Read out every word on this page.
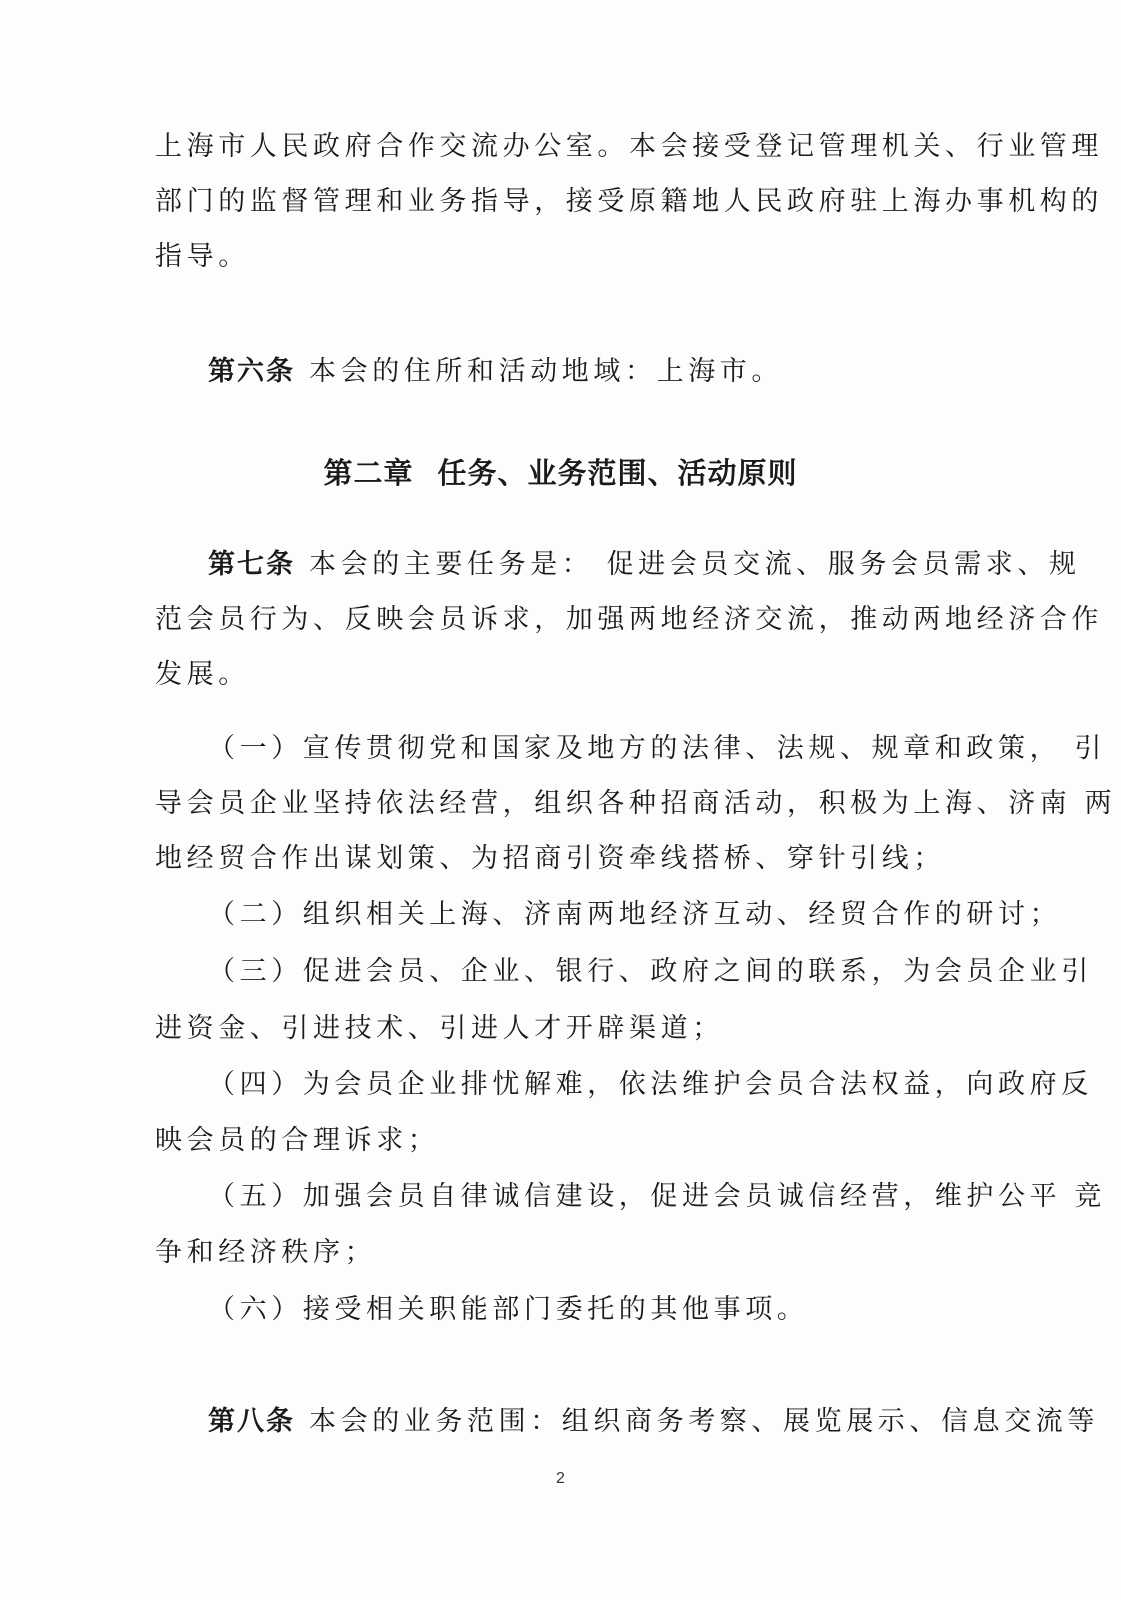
上海市人民政府合作交流办公室。本会接受登记管理机关、行业管理
部门的监督管理和业务指导，接受原籍地人民政府驻上海办事机构的
指导。
第六条 本会的住所和活动地域：上海市。
第二章 任务、业务范围、活动原则
第七条 本会的主要任务是： 促进会员交流、服务会员需求、规
范会员行为、反映会员诉求，加强两地经济交流，推动两地经济合作
发展。
（一）宣传贯彻党和国家及地方的法律、法规、规章和政策， 引
导会员企业坚持依法经营，组织各种招商活动，积极为上海、济南 两
地经贸合作出谋划策、为招商引资牵线搭桥、穿针引线；
（二）组织相关上海、济南两地经济互动、经贸合作的研讨；
（三）促进会员、企业、银行、政府之间的联系，为会员企业引
进资金、引进技术、引进人才开辟渠道；
（四）为会员企业排忧解难，依法维护会员合法权益，向政府反
映会员的合理诉求；
（五）加强会员自律诚信建设，促进会员诚信经营，维护公平 竞
争和经济秩序；
（六）接受相关职能部门委托的其他事项。
第八条 本会的业务范围：组织商务考察、展览展示、信息交流等
2
